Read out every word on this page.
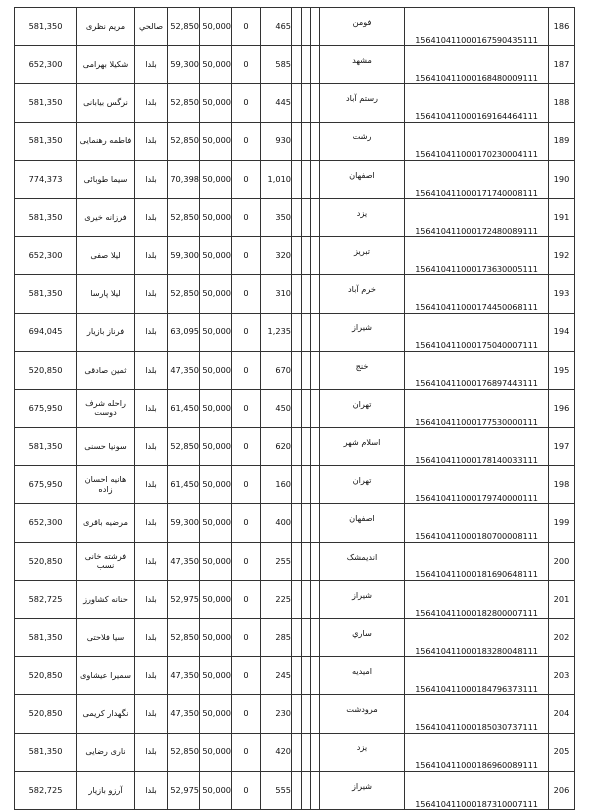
581,350	مریم نظری	صالحي	52,850	50,000	0	465				فومن	156410411000167590435111	186
652,300	شکیلا بهرامی	بلدا	59,300	50,000	0	585				مشهد	156410411000168480009111	187
581,350	نرگس بیابانی	بلدا	52,850	50,000	0	445				رستم آباد	156410411000169164464111	188
581,350	فاطمه رهنمایی	بلدا	52,850	50,000	0	930				رشت	156410411000170230004111	189
774,373	سیما طوبائی	بلدا	70,398	50,000	0	1,010				اصفهان	156410411000171740008111	190
581,350	فرزانه خیری	بلدا	52,850	50,000	0	350				یزد	156410411000172480089111	191
652,300	لیلا صفی	بلدا	59,300	50,000	0	320				تبریز	156410411000173630005111	192
581,350	لیلا پارسا	بلدا	52,850	50,000	0	310				خرم آباد	156410411000174450068111	193
694,045	فرناز بازیار	بلدا	63,095	50,000	0	1,235				شیراز	156410411000175040007111	194
520,850	ثمین صادقی	بلدا	47,350	50,000	0	670				خنج	156410411000176897443111	195
675,950	راحله شرف دوست	بلدا	61,450	50,000	0	450				تهران	156410411000177530000111	196
581,350	سونیا حسنی	بلدا	52,850	50,000	0	620				اسلام شهر	156410411000178140033111	197
675,950	هانیه احسان زاده	بلدا	61,450	50,000	0	160				تهران	156410411000179740000111	198
652,300	مرضیه باقری	بلدا	59,300	50,000	0	400				اصفهان	156410411000180700008111	199
520,850	فرشته خانی نسب	بلدا	47,350	50,000	0	255				اندیمشک	156410411000181690648111	200
582,725	حنانه کشاورز	بلدا	52,975	50,000	0	225				شیراز	156410411000182800007111	201
581,350	سیا فلاحتی	بلدا	52,850	50,000	0	285				ساري	156410411000183280048111	202
520,850	سمیرا عیشاوی	بلدا	47,350	50,000	0	245				امیدیه	156410411000184796373111	203
520,850	نگهدار کریمی	بلدا	47,350	50,000	0	230				مرودشت	156410411000185030737111	204
581,350	ناری رضایی	بلدا	52,850	50,000	0	420				یزد	156410411000186960089111	205
582,725	آرزو بازیار	بلدا	52,975	50,000	0	555				شیراز	156410411000187310007111	206
